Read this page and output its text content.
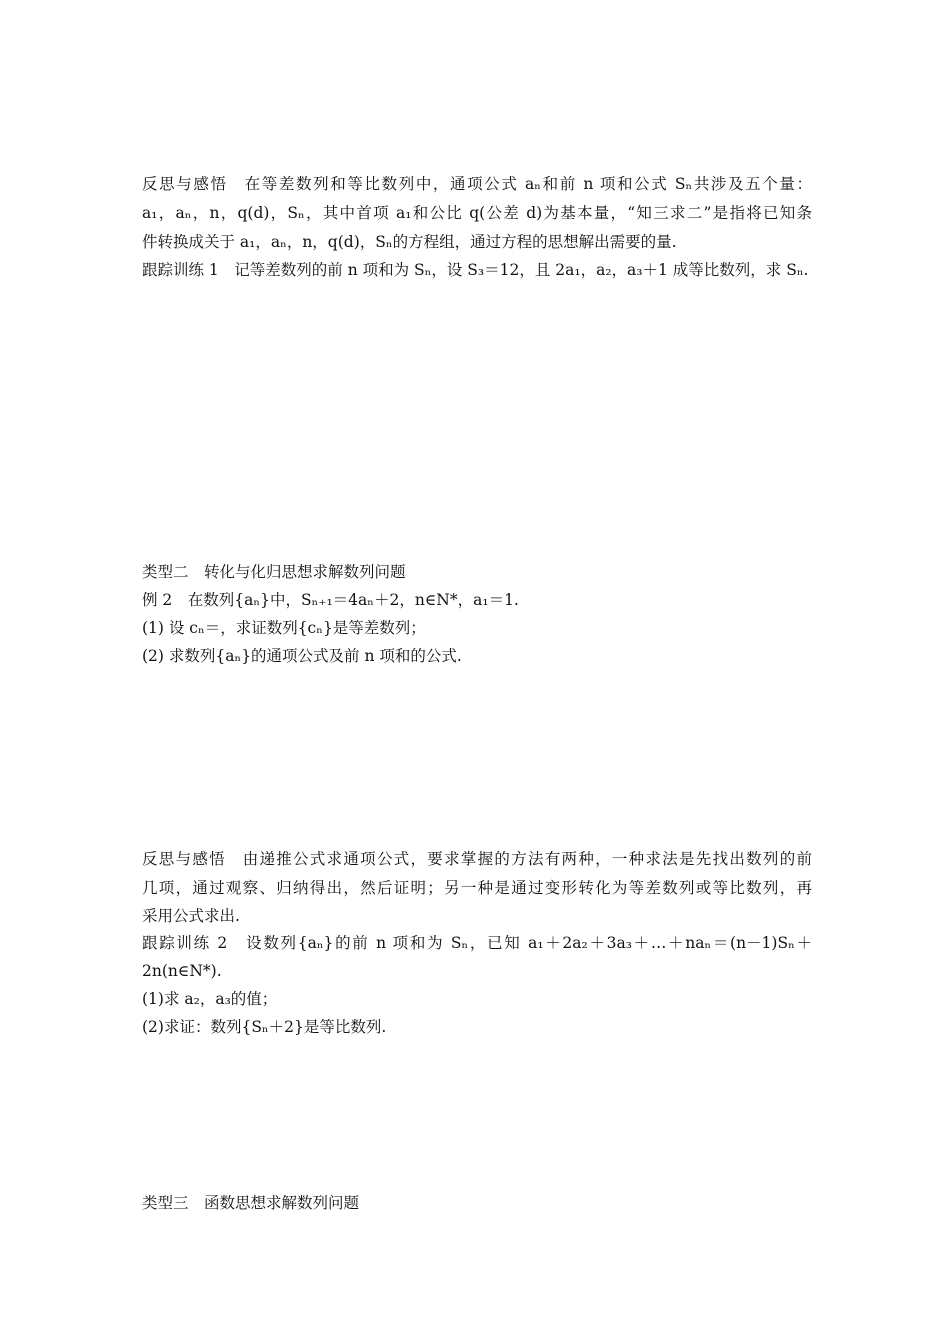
反思与感悟　在等差数列和等比数列中，通项公式 aₙ和前 n 项和公式 Sₙ共涉及五个量：
a₁，aₙ，n，q(d)，Sₙ，其中首项 a₁和公比 q(公差 d)为基本量，“知三求二”是指将已知条
件转换成关于 a₁，aₙ，n，q(d)，Sₙ的方程组，通过方程的思想解出需要的量.
跟踪训练 1　记等差数列的前 n 项和为 Sₙ，设 S₃＝12，且 2a₁，a₂，a₃＋1 成等比数列，求 Sₙ.
类型二　转化与化归思想求解数列问题
例 2　在数列{aₙ}中，Sₙ₊₁＝4aₙ＋2，n∈N*，a₁＝1.
(1) 设 cₙ＝，求证数列{cₙ}是等差数列；
(2) 求数列{aₙ}的通项公式及前 n 项和的公式.
反思与感悟　由递推公式求通项公式，要求掌握的方法有两种，一种求法是先找出数列的前
几项，通过观察、归纳得出，然后证明；另一种是通过变形转化为等差数列或等比数列，再
采用公式求出.
跟踪训练 2　设数列{aₙ}的前 n 项和为 Sₙ，已知 a₁＋2a₂＋3a₃＋…＋naₙ＝(n－1)Sₙ＋
2n(n∈N*).
(1)求 a₂，a₃的值；
(2)求证：数列{Sₙ＋2}是等比数列.
类型三　函数思想求解数列问题
